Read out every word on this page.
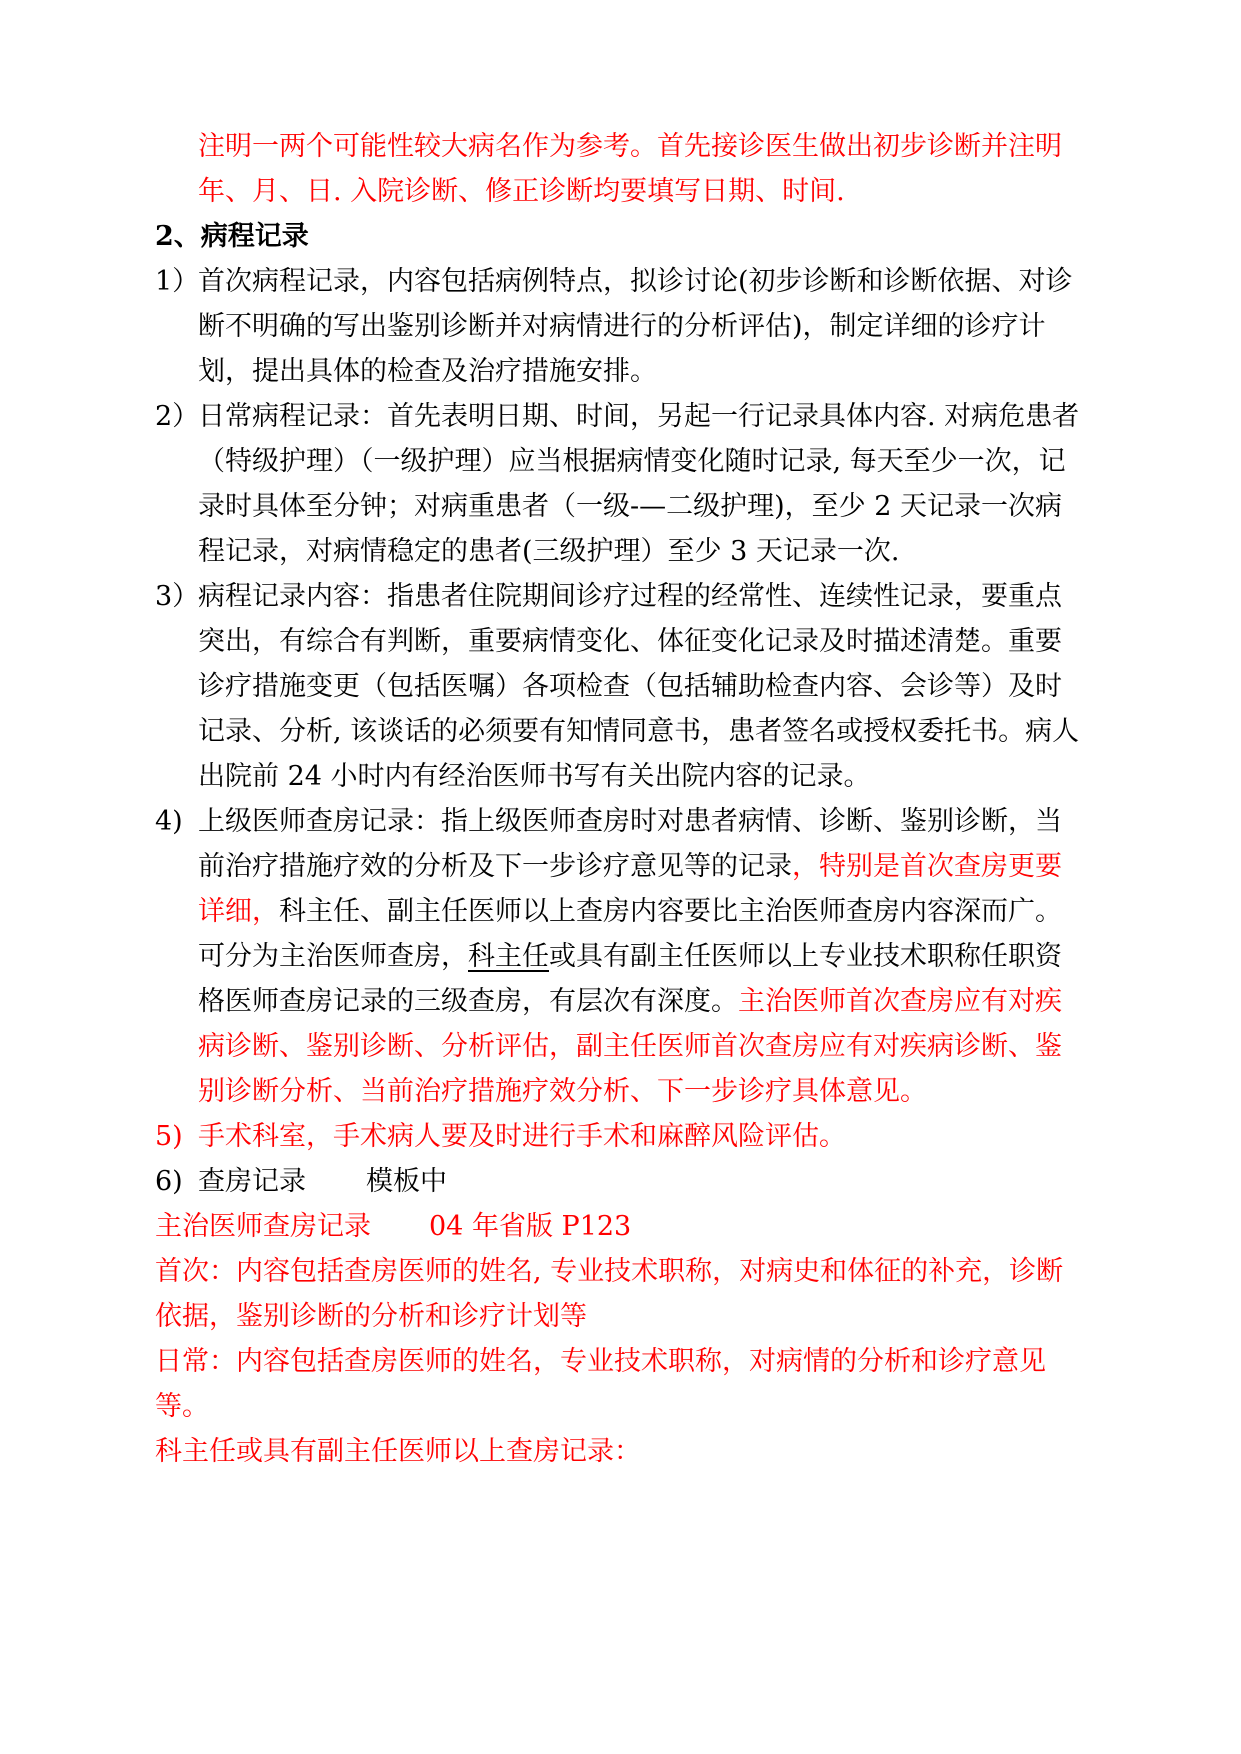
注明一两个可能性较大病名作为参考。首先接诊医生做出初步诊断并注明年、月、日. 入院诊断、修正诊断均要填写日期、时间.

2、病程记录

1）
首次病程记录，内容包括病例特点，拟诊讨论(初步诊断和诊断依据、对诊断不明确的写出鉴别诊断并对病情进行的分析评估)，制定详细的诊疗计划，提出具体的检查及治疗措施安排。
2）
日常病程记录：首先表明日期、时间，另起一行记录具体内容. 对病危患者（特级护理）（一级护理）应当根据病情变化随时记录, 每天至少一次，记录时具体至分钟；对病重患者（一级-—二级护理)，至少 2 天记录一次病程记录，对病情稳定的患者(三级护理）至少 3 天记录一次.
3）
病程记录内容：指患者住院期间诊疗过程的经常性、连续性记录，要重点突出，有综合有判断，重要病情变化、体征变化记录及时描述清楚。重要诊疗措施变更（包括医嘱）各项检查（包括辅助检查内容、会诊等）及时记录、分析, 该谈话的必须要有知情同意书，患者签名或授权委托书。病人出院前 24 小时内有经治医师书写有关出院内容的记录。
4) 上级医师查房记录：指上级医师查房时对患者病情、诊断、鉴别诊断，当前治疗措施疗效的分析及下一步诊疗意见等的记录，特别是首次查房更要详细，科主任、副主任医师以上查房内容要比主治医师查房内容深而广。可分为主治医师查房，科主任或具有副主任医师以上专业技术职称任职资格医师查房记录的三级查房，有层次有深度。主治医师首次查房应有对疾病诊断、鉴别诊断、分析评估，副主任医师首次查房应有对疾病诊断、鉴别诊断分析、当前治疗措施疗效分析、下一步诊疗具体意见。
5) 手术科室，手术病人要及时进行手术和麻醉风险评估。
6) 查房记录 模板中

主治医师查房记录 04 年省版 P123

首次：内容包括查房医师的姓名, 专业技术职称，对病史和体征的补充，诊断依据，鉴别诊断的分析和诊疗计划等

日常：内容包括查房医师的姓名，专业技术职称，对病情的分析和诊疗意见等。

科主任或具有副主任医师以上查房记录：
